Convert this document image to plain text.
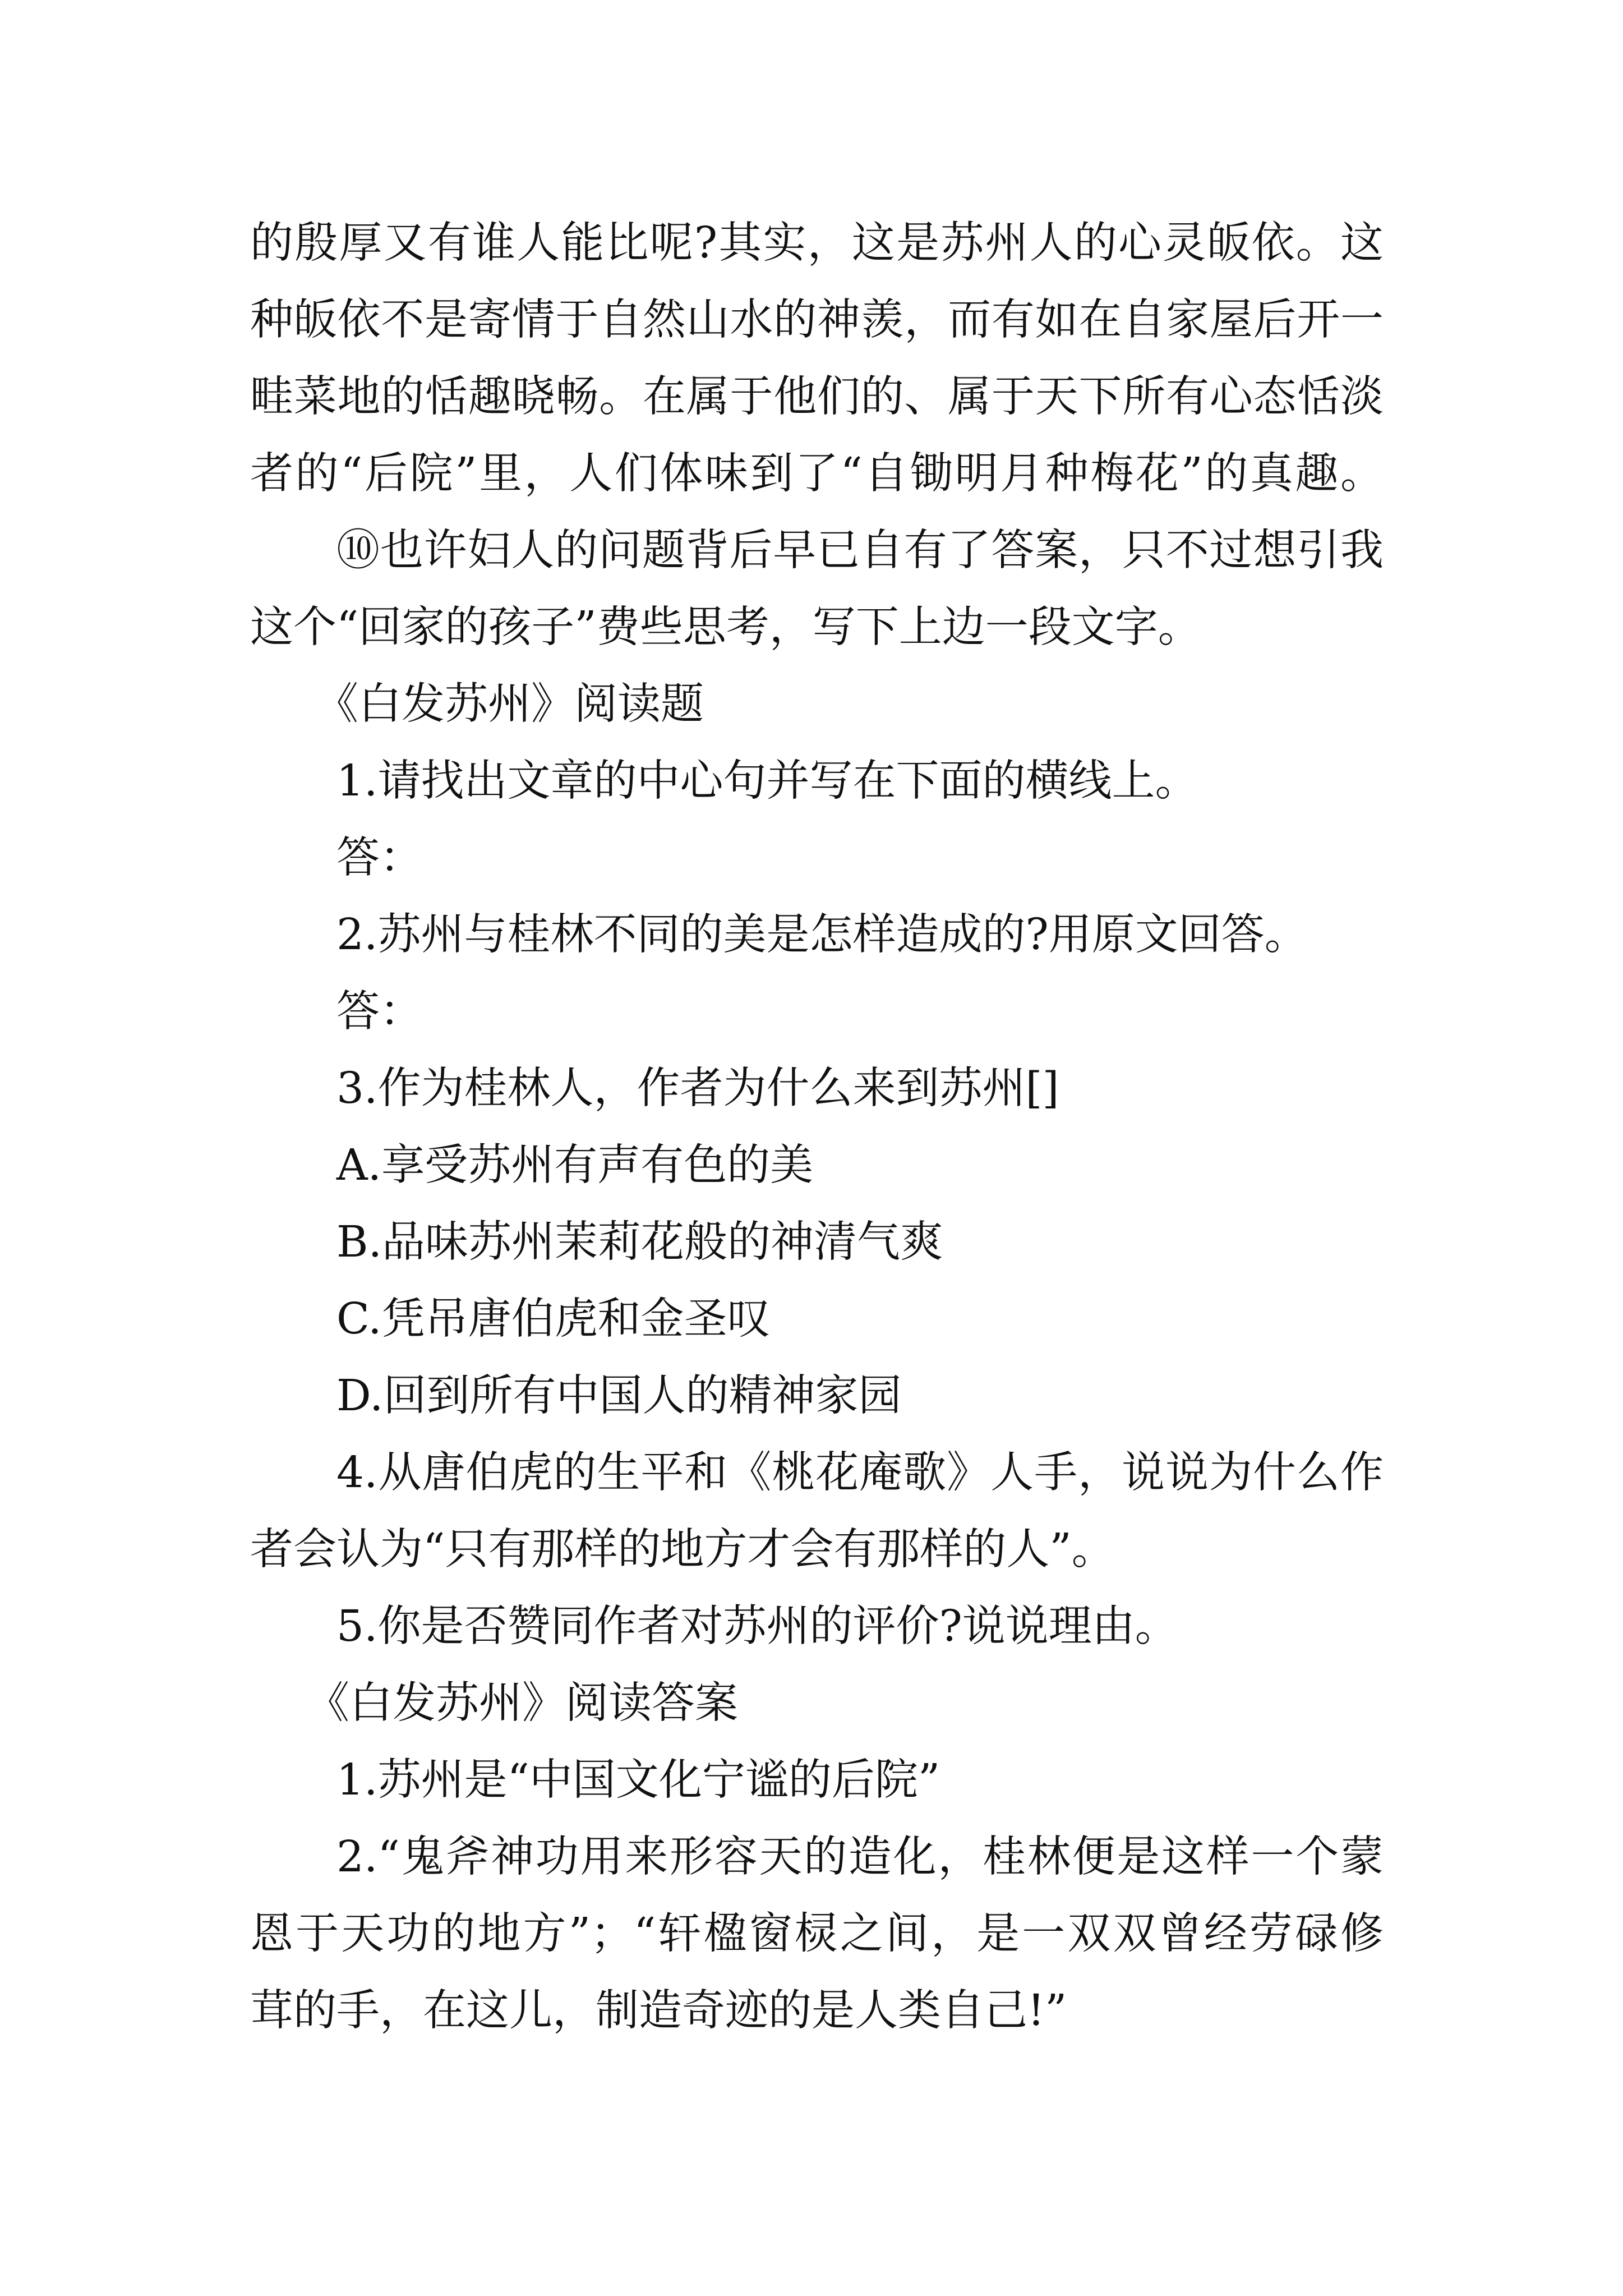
的殷厚又有谁人能比呢?其实，这是苏州人的心灵皈依。这
种皈依不是寄情于自然山水的神羡，而有如在自家屋后开一
畦菜地的恬趣晓畅。在属于他们的、属于天下所有心态恬淡
者的“后院”里，人们体味到了“自锄明月种梅花”的真趣。
⑩也许妇人的问题背后早已自有了答案，只不过想引我
这个“回家的孩子”费些思考，写下上边一段文字。
《白发苏州》阅读题
1.请找出文章的中心句并写在下面的横线上。
答：
2.苏州与桂林不同的美是怎样造成的?用原文回答。
答：
3.作为桂林人，作者为什么来到苏州[]
A.享受苏州有声有色的美
B.品味苏州茉莉花般的神清气爽
C.凭吊唐伯虎和金圣叹
D.回到所有中国人的精神家园
4.从唐伯虎的生平和《桃花庵歌》人手，说说为什么作
者会认为“只有那样的地方才会有那样的人”。
5.你是否赞同作者对苏州的评价?说说理由。
《白发苏州》阅读答案
1.苏州是“中国文化宁谧的后院”
2.“鬼斧神功用来形容天的造化，桂林便是这样一个蒙
恩于天功的地方”；“轩楹窗棂之间，是一双双曾经劳碌修
茸的手，在这儿，制造奇迹的是人类自己!”
